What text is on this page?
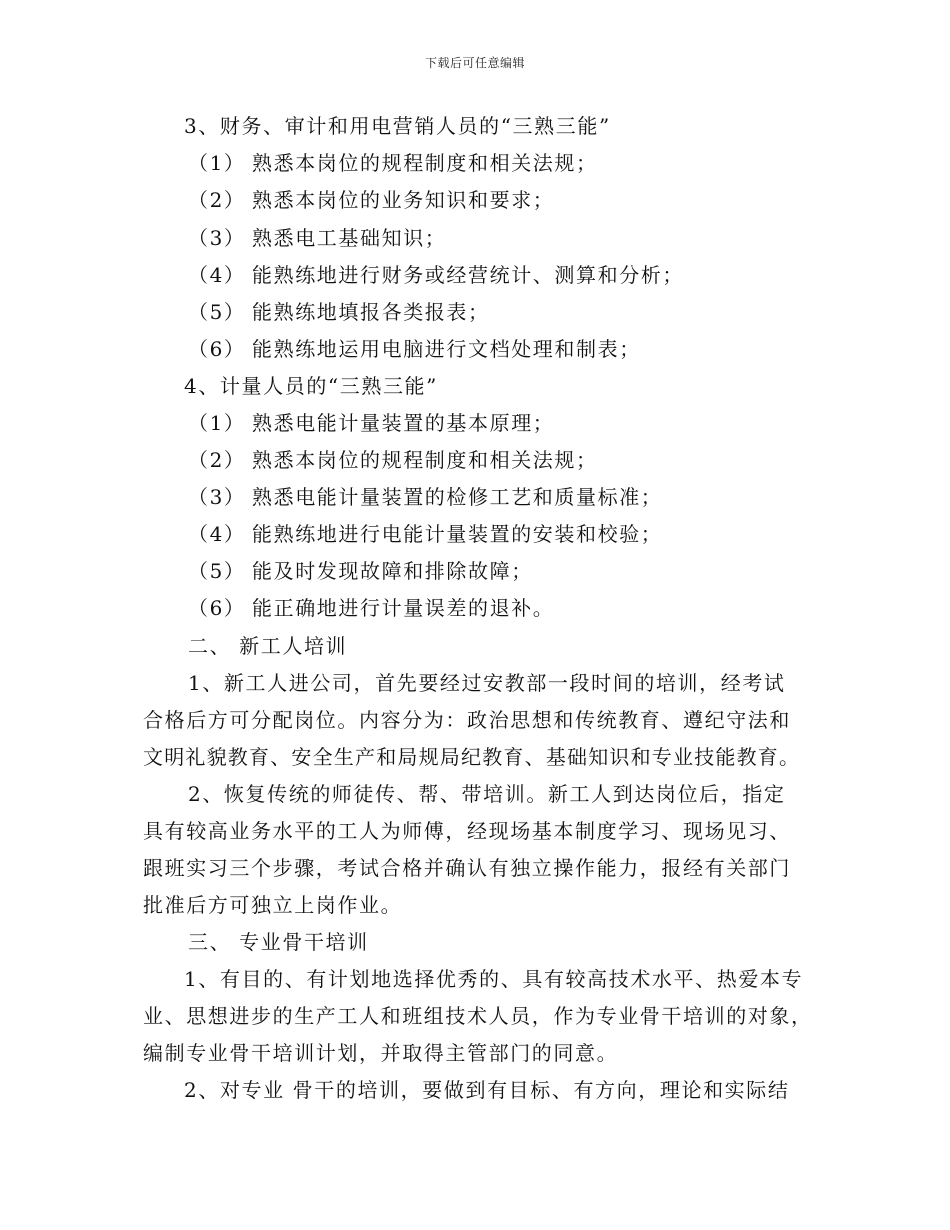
下载后可任意编辑
3、财务、审计和用电营销人员的“三熟三能”
（1） 熟悉本岗位的规程制度和相关法规；
（2） 熟悉本岗位的业务知识和要求；
（3） 熟悉电工基础知识；
（4） 能熟练地进行财务或经营统计、测算和分析；
（5） 能熟练地填报各类报表；
（6） 能熟练地运用电脑进行文档处理和制表；
4、计量人员的“三熟三能”
（1） 熟悉电能计量装置的基本原理；
（2） 熟悉本岗位的规程制度和相关法规；
（3） 熟悉电能计量装置的检修工艺和质量标准；
（4） 能熟练地进行电能计量装置的安装和校验；
（5） 能及时发现故障和排除故障；
（6） 能正确地进行计量误差的退补。
二、 新工人培训
1、新工人进公司，首先要经过安教部一段时间的培训，经考试
合格后方可分配岗位。内容分为：政治思想和传统教育、遵纪守法和
文明礼貌教育、安全生产和局规局纪教育、基础知识和专业技能教育。
2、恢复传统的师徒传、帮、带培训。新工人到达岗位后，指定
具有较高业务水平的工人为师傅，经现场基本制度学习、现场见习、
跟班实习三个步骤，考试合格并确认有独立操作能力，报经有关部门
批准后方可独立上岗作业。
三、 专业骨干培训
1、有目的、有计划地选择优秀的、具有较高技术水平、热爱本专
业、思想进步的生产工人和班组技术人员，作为专业骨干培训的对象，
编制专业骨干培训计划，并取得主管部门的同意。
2、对专业 骨干的培训，要做到有目标、有方向，理论和实际结
